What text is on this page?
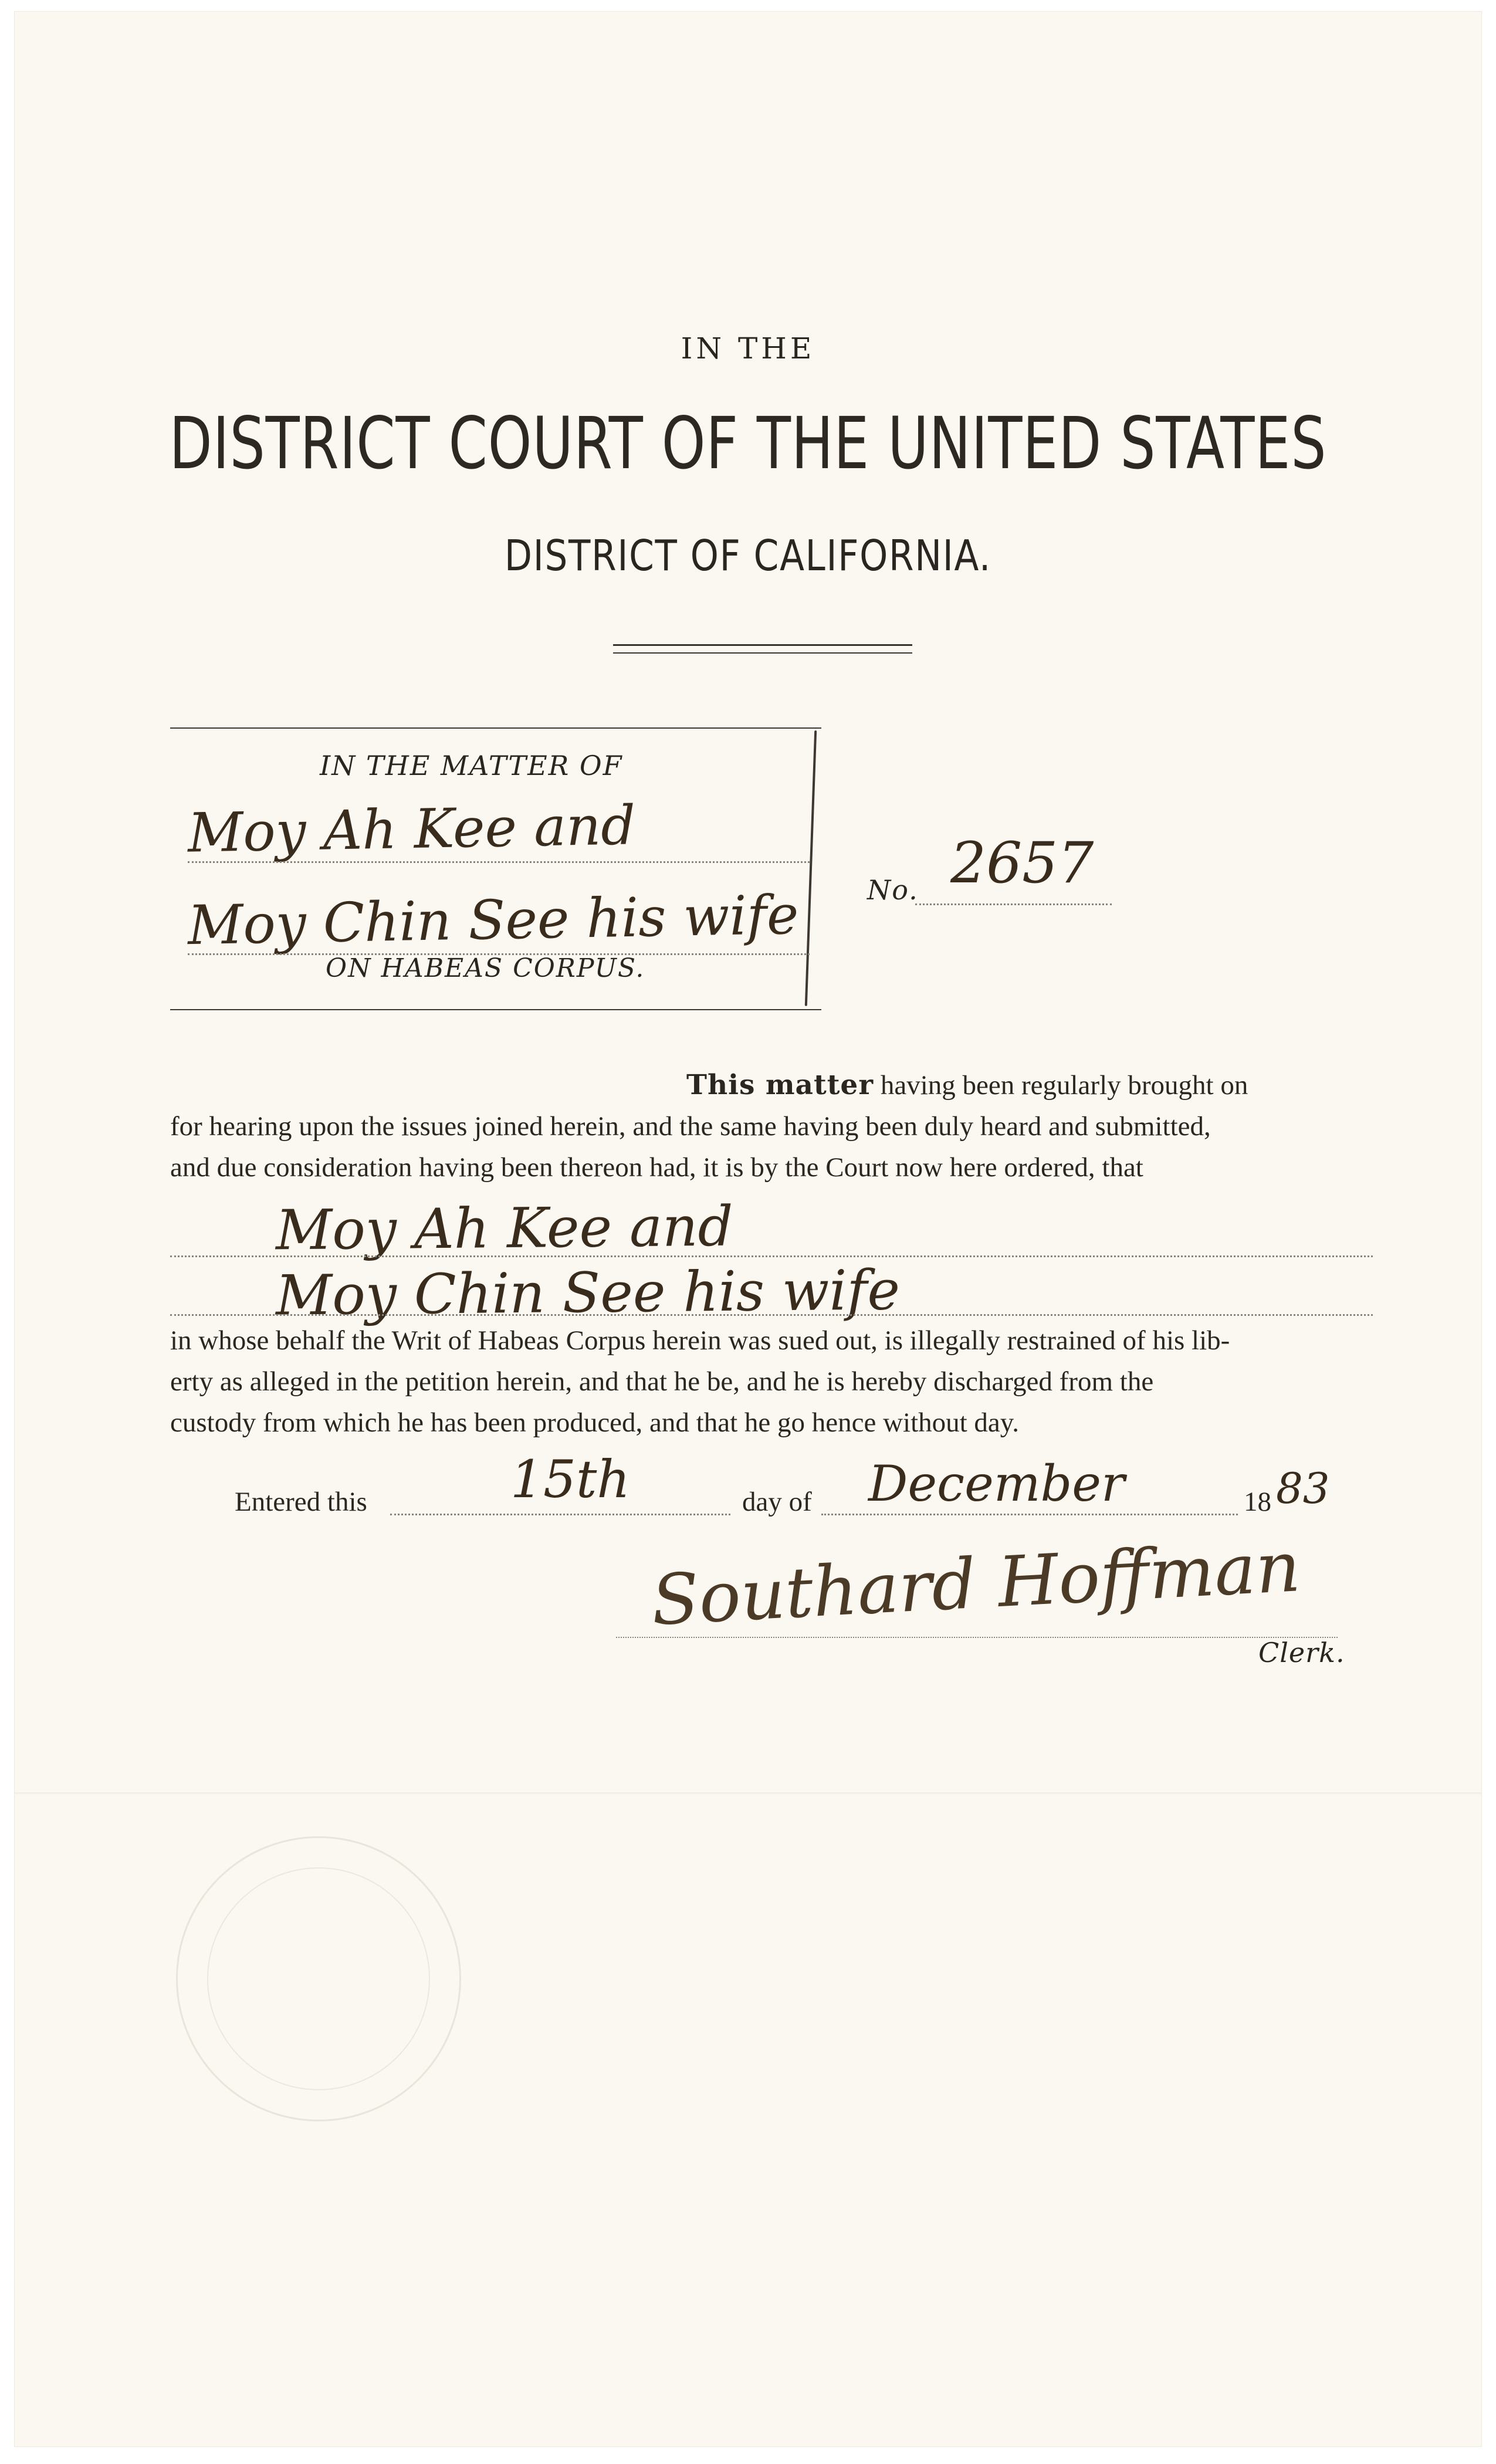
IN THE
DISTRICT COURT OF THE UNITED STATES
DISTRICT OF CALIFORNIA.
IN THE MATTER OF
Moy Ah Kee and
Moy Chin See his wife
ON HABEAS CORPUS.
No. 2657
This matter having been regularly brought on
for hearing upon the issues joined herein, and the same having been duly heard and submitted,
and due consideration having been thereon had, it is by the Court now here ordered, that
Moy Ah Kee and
Moy Chin See his wife
in whose behalf the Writ of Habeas Corpus herein was sued out, is illegally restrained of his lib-
erty as alleged in the petition herein, and that he be, and he is hereby discharged from the
custody from which he has been produced, and that he go hence without day.
Entered this	15th	day of December	18 83
Southard Hoffman
Clerk.
